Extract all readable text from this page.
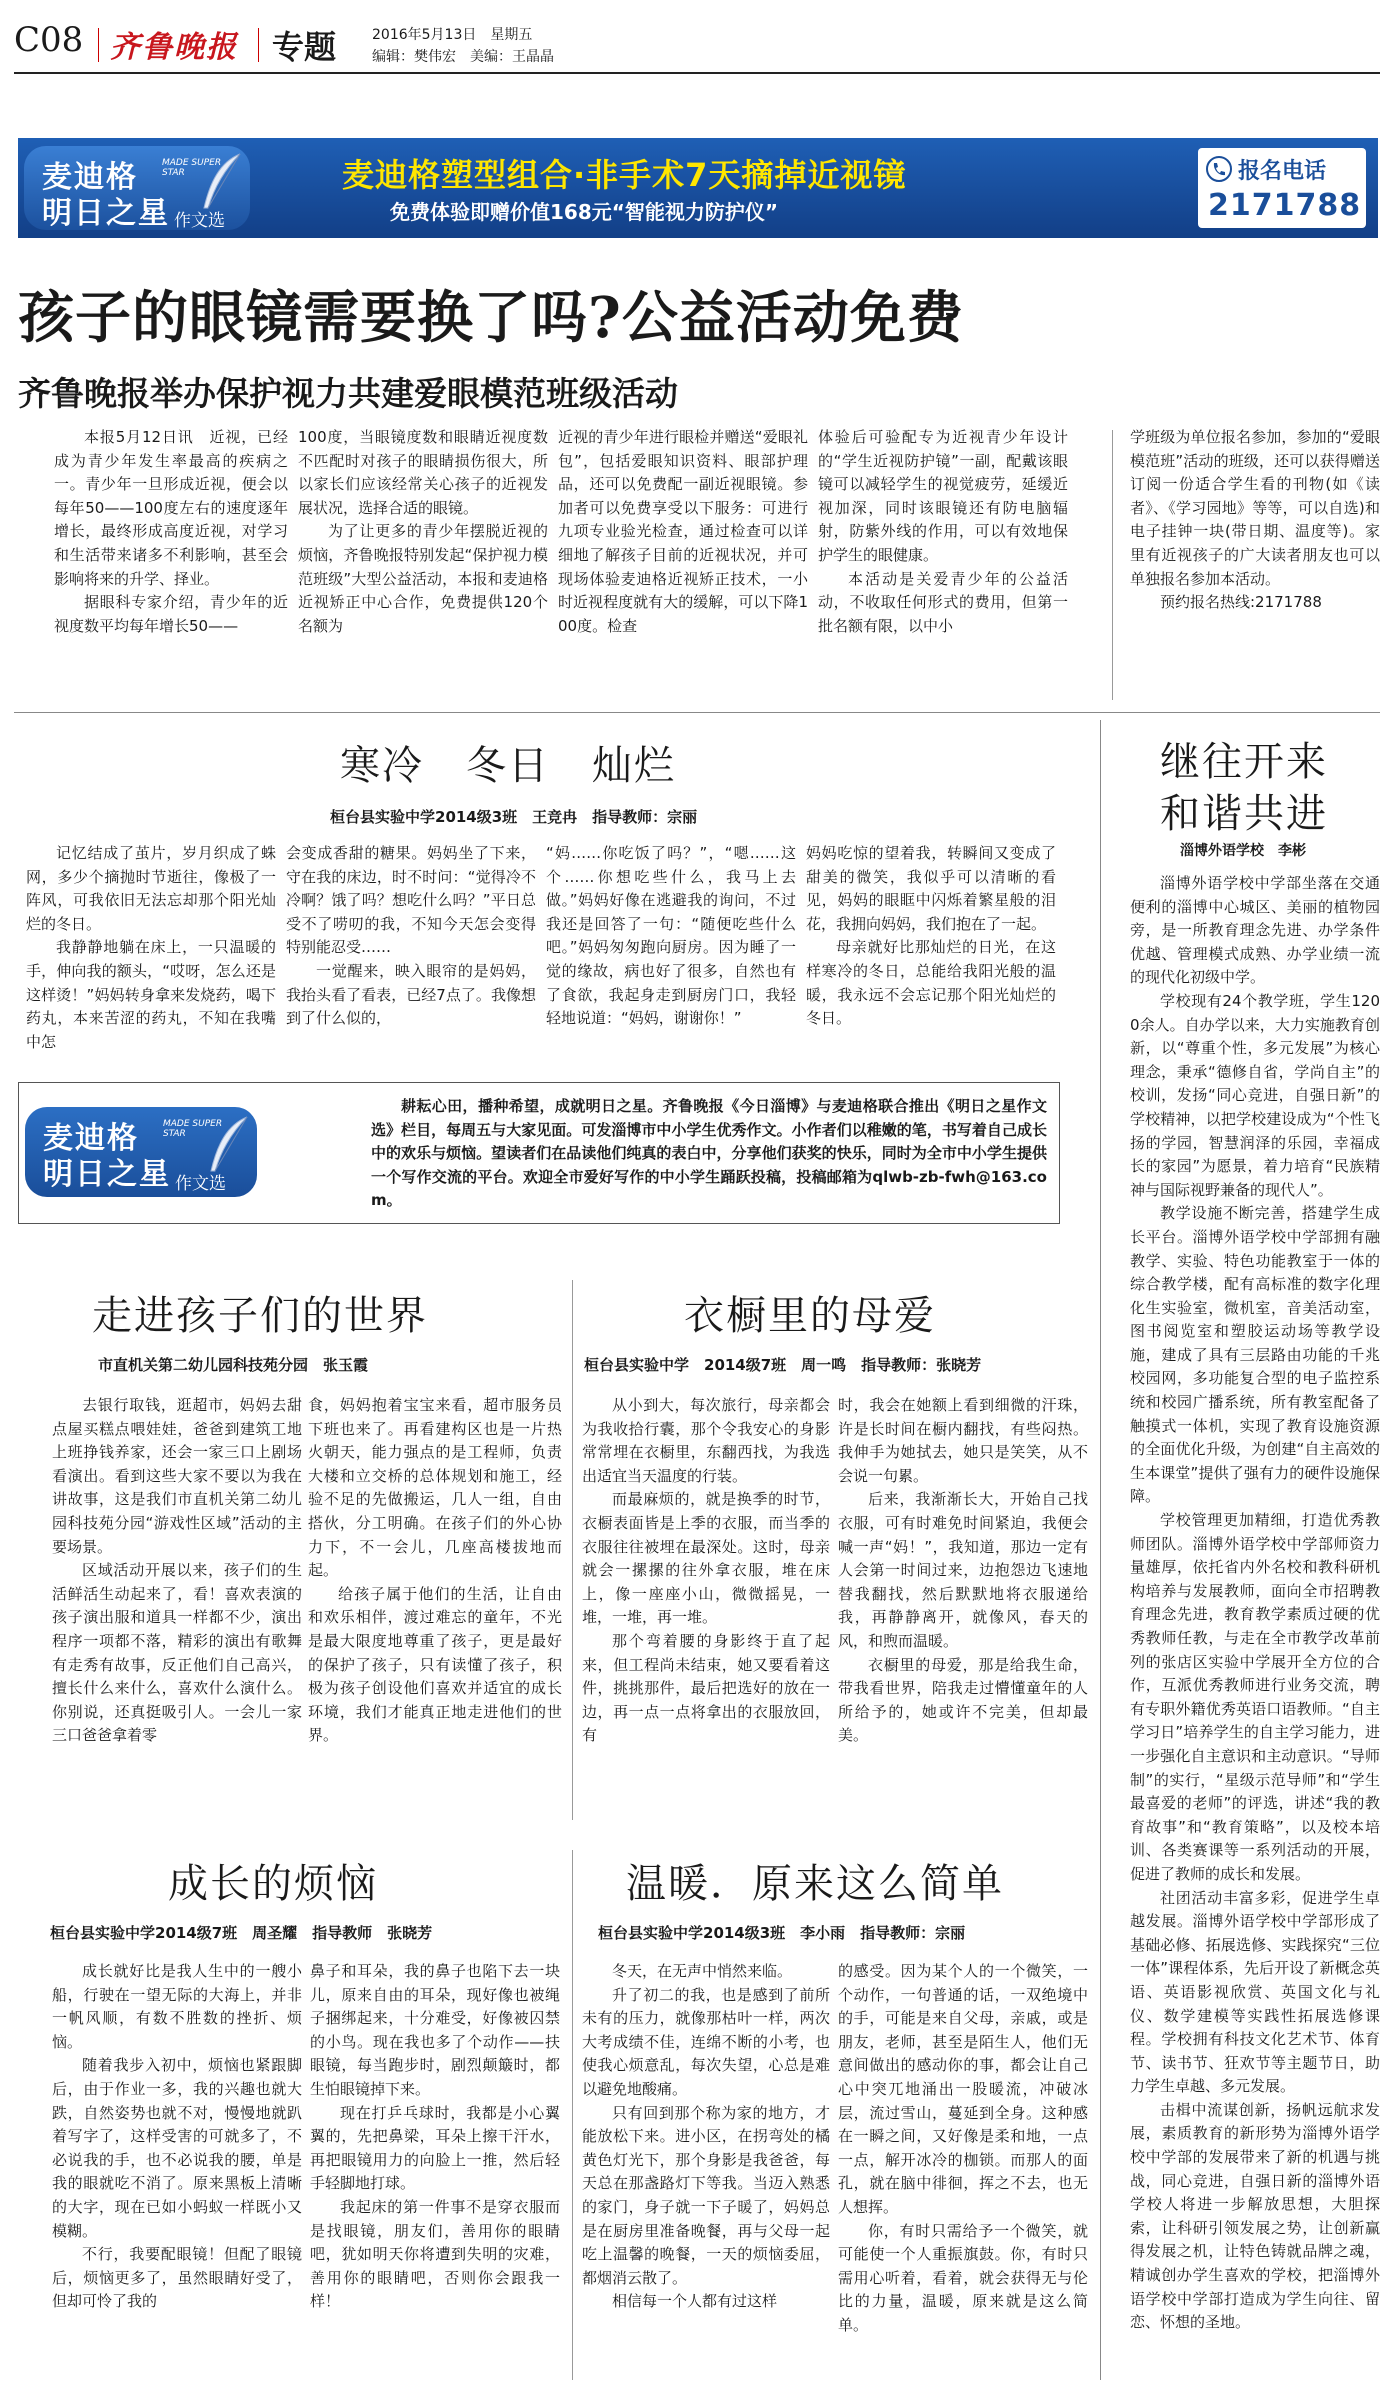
C08 齐鲁晚报 专题	2016年5月13日　星期五
编辑：樊伟宏　美编：王晶晶
麦迪格	MADE SUPER STAR
明日之星 作文选
麦迪格塑型组合·非手术7天摘掉近视镜
免费体验即赠价值168元“智能视力防护仪”
报名电话
2171788
孩子的眼镜需要换了吗?公益活动免费
齐鲁晚报举办保护视力共建爱眼模范班级活动

本报5月12日讯　近视，已经成为青少年发生率最高的疾病之一。青少年一旦形成近视，便会以每年50——100度左右的速度逐年增长，最终形成高度近视，对学习和生活带来诸多不利影响，甚至会影响将来的升学、择业。

据眼科专家介绍，青少年的近视度数平均每年增长50——

100度，当眼镜度数和眼睛近视度数不匹配时对孩子的眼睛损伤很大，所以家长们应该经常关心孩子的近视发展状况，选择合适的眼镜。

为了让更多的青少年摆脱近视的烦恼，齐鲁晚报特别发起“保护视力模范班级”大型公益活动，本报和麦迪格近视矫正中心合作，免费提供120个名额为

近视的青少年进行眼检并赠送“爱眼礼包”，包括爱眼知识资料、眼部护理品，还可以免费配一副近视眼镜。参加者可以免费享受以下服务：可进行九项专业验光检查，通过检查可以详细地了解孩子目前的近视状况，并可现场体验麦迪格近视矫正技术，一小时近视程度就有大的缓解，可以下降100度。检查

体验后可验配专为近视青少年设计的“学生近视防护镜”一副，配戴该眼镜可以减轻学生的视觉疲劳，延缓近视加深，同时该眼镜还有防电脑辐射，防紫外线的作用，可以有效地保护学生的眼健康。

本活动是关爱青少年的公益活动，不收取任何形式的费用，但第一批名额有限，以中小

学班级为单位报名参加，参加的“爱眼模范班”活动的班级，还可以获得赠送订阅一份适合学生看的刊物(如《读者》、《学习园地》等等，可以自选)和电子挂钟一块(带日期、温度等)。家里有近视孩子的广大读者朋友也可以单独报名参加本活动。

预约报名热线:2171788

寒冷　冬日　灿烂
桓台县实验中学2014级3班　王竞冉　指导教师：宗丽

记忆结成了茧片，岁月织成了蛛网，多少个摘抛时节逝往，像极了一阵风，可我依旧无法忘却那个阳光灿烂的冬日。

我静静地躺在床上，一只温暖的手，伸向我的额头，“哎呀，怎么还是这样烫！”妈妈转身拿来发烧药，喝下药丸，本来苦涩的药丸，不知在我嘴中怎

会变成香甜的糖果。妈妈坐了下来，守在我的床边，时不时问：“觉得冷不冷啊？饿了吗？想吃什么吗？”平日总受不了唠叨的我，不知今天怎会变得特别能忍受……

一觉醒来，映入眼帘的是妈妈，我抬头看了看表，已经7点了。我像想到了什么似的，

“妈……你吃饭了吗？”，“嗯……这个……你想吃些什么，我马上去做。”妈妈好像在逃避我的询问，不过我还是回答了一句：“随便吃些什么吧。”妈妈匆匆跑向厨房。因为睡了一觉的缘故，病也好了很多，自然也有了食欲，我起身走到厨房门口，我轻轻地说道：“妈妈，谢谢你！”

妈妈吃惊的望着我，转瞬间又变成了甜美的微笑，我似乎可以清晰的看见，妈妈的眼眶中闪烁着繁星般的泪花，我拥向妈妈，我们抱在了一起。

母亲就好比那灿烂的日光，在这样寒冷的冬日，总能给我阳光般的温暖，我永远不会忘记那个阳光灿烂的冬日。

麦迪格	MADE SUPER STAR
明日之星 作文选

耕耘心田，播种希望，成就明日之星。齐鲁晚报《今日淄博》与麦迪格联合推出《明日之星作文选》栏目，每周五与大家见面。可发淄博市中小学生优秀作文。小作者们以稚嫩的笔，书写着自己成长中的欢乐与烦恼。望读者们在品读他们纯真的表白中，分享他们获奖的快乐，同时为全市中小学生提供一个写作交流的平台。欢迎全市爱好写作的中小学生踊跃投稿，投稿邮箱为qlwb-zb-fwh@163.com。

继往开来
和谐共进
淄博外语学校　李彬

淄博外语学校中学部坐落在交通便利的淄博中心城区、美丽的植物园旁，是一所教育理念先进、办学条件优越、管理模式成熟、办学业绩一流的现代化初级中学。

学校现有24个教学班，学生1200余人。自办学以来，大力实施教育创新，以“尊重个性，多元发展”为核心理念，秉承“德修自省，学尚自主”的校训，发扬“同心竞进，自强日新”的学校精神，以把学校建设成为“个性飞扬的学园，智慧润泽的乐园，幸福成长的家园”为愿景，着力培育“民族精神与国际视野兼备的现代人”。

教学设施不断完善，搭建学生成长平台。淄博外语学校中学部拥有融教学、实验、特色功能教室于一体的综合教学楼，配有高标准的数字化理化生实验室，微机室，音美活动室，图书阅览室和塑胶运动场等教学设施，建成了具有三层路由功能的千兆校园网，多功能复合型的电子监控系统和校园广播系统，所有教室配备了触摸式一体机，实现了教育设施资源的全面优化升级，为创建“自主高效的生本课堂”提供了强有力的硬件设施保障。

学校管理更加精细，打造优秀教师团队。淄博外语学校中学部师资力量雄厚，依托省内外名校和教科研机构培养与发展教师，面向全市招聘教育理念先进，教育教学素质过硬的优秀教师任教，与走在全市教学改革前列的张店区实验中学展开全方位的合作，互派优秀教师进行业务交流，聘有专职外籍优秀英语口语教师。“自主学习日”培养学生的自主学习能力，进一步强化自主意识和主动意识。“导师制”的实行，“星级示范导师”和“学生最喜爱的老师”的评选，讲述“我的教育故事”和“教育策略”，以及校本培训、各类赛课等一系列活动的开展，促进了教师的成长和发展。

社团活动丰富多彩，促进学生卓越发展。淄博外语学校中学部形成了基础必修、拓展选修、实践探究“三位一体”课程体系，先后开设了新概念英语、英语影视欣赏、英国文化与礼仪、数学建模等实践性拓展选修课程。学校拥有科技文化艺术节、体育节、读书节、狂欢节等主题节日，助力学生卓越、多元发展。

击楫中流谋创新，扬帆远航求发展，素质教育的新形势为淄博外语学校中学部的发展带来了新的机遇与挑战，同心竞进，自强日新的淄博外语学校人将进一步解放思想，大胆探索，让科研引领发展之势，让创新赢得发展之机，让特色铸就品牌之魂，精诚创办学生喜欢的学校，把淄博外语学校中学部打造成为学生向往、留恋、怀想的圣地。

走进孩子们的世界
市直机关第二幼儿园科技苑分园　张玉霞

去银行取钱，逛超市，妈妈去甜点屋买糕点喂娃娃，爸爸到建筑工地上班挣钱养家，还会一家三口上剧场看演出。看到这些大家不要以为我在讲故事，这是我们市直机关第二幼儿园科技苑分园“游戏性区域”活动的主要场景。

区域活动开展以来，孩子们的生活鲜活生动起来了，看！喜欢表演的孩子演出服和道具一样都不少，演出程序一项都不落，精彩的演出有歌舞有走秀有故事，反正他们自己高兴，擅长什么来什么，喜欢什么演什么。你别说，还真挺吸引人。一会儿一家三口爸爸拿着零

食，妈妈抱着宝宝来看，超市服务员下班也来了。再看建构区也是一片热火朝天，能力强点的是工程师，负责大楼和立交桥的总体规划和施工，经验不足的先做搬运，几人一组，自由搭伙，分工明确。在孩子们的外心协力下，不一会儿，几座高楼拔地而起。

给孩子属于他们的生活，让自由和欢乐相伴，渡过难忘的童年，不光是最大限度地尊重了孩子，更是最好的保护了孩子，只有读懂了孩子，积极为孩子创设他们喜欢并适宜的成长环境，我们才能真正地走进他们的世界。

衣橱里的母爱
桓台县实验中学　2014级7班　周一鸣　指导教师：张晓芳

从小到大，每次旅行，母亲都会为我收拾行囊，那个令我安心的身影常常埋在衣橱里，东翻西找，为我选出适宜当天温度的行装。

而最麻烦的，就是换季的时节，衣橱表面皆是上季的衣服，而当季的衣服往往被埋在最深处。这时，母亲就会一摞摞的往外拿衣服，堆在床上，像一座座小山，微微摇晃，一堆，一堆，再一堆。

那个弯着腰的身影终于直了起来，但工程尚未结束，她又要看着这件，挑挑那件，最后把选好的放在一边，再一点一点将拿出的衣服放回，有

时，我会在她额上看到细微的汗珠，许是长时间在橱内翻找，有些闷热。我伸手为她拭去，她只是笑笑，从不会说一句累。

后来，我渐渐长大，开始自己找衣服，可有时难免时间紧迫，我便会喊一声“妈！”，我知道，那边一定有人会第一时间过来，边抱怨边飞速地替我翻找，然后默默地将衣服递给我，再静静离开，就像风，春天的风，和煦而温暖。

衣橱里的母爱，那是给我生命，带我看世界，陪我走过懵懂童年的人所给予的，她或许不完美，但却最美。

成长的烦恼
桓台县实验中学2014级7班　周圣耀　指导教师　张晓芳

成长就好比是我人生中的一艘小船，行驶在一望无际的大海上，并非一帆风顺，有数不胜数的挫折、烦恼。

随着我步入初中，烦恼也紧跟脚后，由于作业一多，我的兴趣也就大跌，自然姿势也就不对，慢慢地就趴着写字了，这样受害的可就多了，不必说我的手，也不必说我的腰，单是我的眼就吃不消了。原来黑板上清晰的大字，现在已如小蚂蚁一样既小又模糊。

不行，我要配眼镜！但配了眼镜后，烦恼更多了，虽然眼睛好受了，但却可怜了我的

鼻子和耳朵，我的鼻子也陷下去一块儿，原来自由的耳朵，现好像也被绳子捆绑起来，十分难受，好像被囚禁的小鸟。现在我也多了个动作——扶眼镜，每当跑步时，剧烈颠簸时，都生怕眼镜掉下来。

现在打乒乓球时，我都是小心翼翼的，先把鼻梁，耳朵上擦干汗水，再把眼镜用力的向脸上一推，然后轻手轻脚地打球。

我起床的第一件事不是穿衣服而是找眼镜，朋友们，善用你的眼睛吧，犹如明天你将遭到失明的灾难，善用你的眼睛吧，否则你会跟我一样！

温暖．原来这么简单
桓台县实验中学2014级3班　李小雨　指导教师：宗丽

冬天，在无声中悄然来临。

升了初二的我，也是感到了前所未有的压力，就像那枯叶一样，两次大考成绩不佳，连绵不断的小考，也使我心烦意乱，每次失望，心总是难以避免地酸痛。

只有回到那个称为家的地方，才能放松下来。进小区，在拐弯处的橘黄色灯光下，那个身影是我爸爸，每天总在那盏路灯下等我。当迈入熟悉的家门，身子就一下子暖了，妈妈总是在厨房里准备晚餐，再与父母一起吃上温馨的晚餐，一天的烦恼委屈，都烟消云散了。

相信每一个人都有过这样

的感受。因为某个人的一个微笑，一个动作，一句普通的话，一双绝境中的手，可能是来自父母，亲戚，或是朋友，老师，甚至是陌生人，他们无意间做出的感动你的事，都会让自己心中突兀地涌出一股暖流，冲破冰层，流过雪山，蔓延到全身。这种感在一瞬之间，又好像是柔和地，一点一点，解开冰冷的枷锁。而那人的面孔，就在脑中徘徊，挥之不去，也无人想挥。

你，有时只需给予一个微笑，就可能使一个人重振旗鼓。你，有时只需用心听着，看着，就会获得无与伦比的力量，温暖，原来就是这么简单。
